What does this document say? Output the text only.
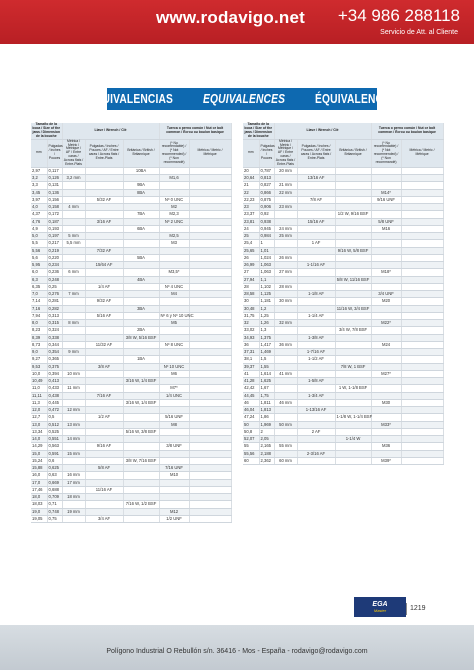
www.rodavigo.net +34 986 288118
Servicio de Att. al Cliente
EQUIVALENCIAS EQUIVALENCES ÉQUIVALENCES
Tamaño de la boca / Size of the jaws / Dimension de la bouche		Llave / Wrench / Clé			Tuerca o perno común / Nut or bolt common / Écrou ou boulon basique	
mm	Pulgadas / Inches / Pouces	Métrica / Metric / Métrique / AF / Entre caras / Across flats / Entre-Plats	Pulgadas / Inches / Pouces / AF / Entre caras / Across flats / Entre-Plats	Británica / British / Britannique	(* No recomendable) / (* Not recommended) / (* Non recommandé)	Métrica / Metric / Métrique
2,97	0,117			10BA		
3,2	0,126	3,2 mm			M1,6	
3,3	0,131			9BA		
3,45	0,136			8BA		
3,97	0,156		5/32 AF		Nº 0 UNC	
4,0	0,158	4 mm			M2	
4,37	0,172			7BA	M2,3	
4,76	0,187		3/16 AF		Nº 2 UNC	
4,9	0,193			6BA		
5,0	0,197	5 mm			M2,5	
5,5	0,217	5,5 mm			M3	
5,56	0,219		7/32 AF			
5,6	0,220			5BA		
5,95	0,234		15/64 AF			
6,0	0,236	6 mm			M3,5*	
6,3	0,248			4BA		
6,35	0,25		1/4 AF		Nº 4 UNC	
7,0	0,276	7 mm			M4	
7,14	0,281		9/32 AF			
7,16	0,282			3BA		
7,94	0,313		5/16 AF		Nº 6 y Nº 10 UNC	
8,0	0,315	8 mm			M5	
8,23	0,324			2BA		
8,39	0,338			3/8 W, 5/16 BSF		
8,73	0,344		11/32 AF		Nº 8 UNC	
9,0	0,354	9 mm				
9,27	0,365			1BA		
9,53	0,375		3/8 AF		Nº 10 UNC	
10,0	0,394	10 mm			M6	
10,49	0,413			3/16 W, 1/4 BSF		
11,0	0,433	11 mm			M7*	
11,11	0,438		7/16 AF		1/4 UNC	
11,3	0,445			3/16 W, 1/4 BSF		
12,0	0,472	12 mm				
12,7	0,5		1/2 AF		5/16 UNF	
13,0	0,512	13 mm			M8	
13,34	0,525			5/16 W, 3/8 BSF		
14,0	0,551	14 mm				
14,29	0,563		9/16 AF		3/8 UNF	
15,0	0,591	15 mm				
15,24	0,6			3/8 W, 7/16 BSF		
15,88	0,625		5/8 AF		7/16 UNF	
16,0	0,63	16 mm			M10	
17,0	0,669	17 mm				
17,46	0,688		11/16 AF			
18,0	0,709	18 mm				
18,03	0,71			7/16 W, 1/2 BSF		
19,0	0,748	19 mm			M12	
19,05	0,75		3/4 AF		1/2 UNF	
Tamaño de la boca / Size of the jaws / Dimension de la bouche		Llave / Wrench / Clé			Tuerca o perno común / Nut or bolt common / Écrou ou boulon basique	
mm	Pulgadas / Inches / Pouces	Métrica / Metric / Métrique / AF / Entre caras / Across flats / Entre-Plats	Pulgadas / Inches / Pouces / AF / Entre caras / Across flats / Entre-Plats	Británica / British / Britannique	(* No recomendable) / (* Not recommended) / (* Non recommandé)	Métrica / Metric / Métrique
20	0,787	20 mm				
20,64	0,813		13/16 AF			
21	0,827	21 mm				
22	0,866	22 mm			M14*	
22,23	0,875		7/8 AF		9/16 UNF	
23	0,906	23 mm				
23,37	0,92			1/2 W, 9/16 BSF		
23,81	0,938		15/16 AF		5/8 UNF	
24	0,945	24 mm			M16	
25	0,984	25 mm				
25,4	1		1 AF			
25,65	1,01			9/16 W, 5/8 BSF		
26	1,024	26 mm				
26,99	1,063		1-1/16 AF			
27	1,063	27 mm			M18*	
27,94	1,1			5/8 W, 11/16 BSF		
28	1,102	28 mm				
28,58	1,125		1-1/8 AF		3/4 UNF	
30	1,181	30 mm			M20	
30,48	1,2			11/16 W, 3/4 BSF		
31,75	1,25		1-1/4 AF			
32	1,26	32 mm			M22*	
33,02	1,3			3/4 W, 7/8 BSF		
34,93	1,375		1-3/8 AF			
36	1,417	36 mm			M24	
37,31	1,469		1-7/16 AF			
38,1	1,5		1-1/2 AF			
39,37	1,55			7/8 W, 1 BSF		
41	1,614	41 mm			M27*	
41,28	1,625		1-5/8 AF			
42,42	1,67			1 W, 1-1/8 BSF		
44,45	1,75		1-3/4 AF			
46	1,811	46 mm			M30	
46,04	1,813		1-13/16 AF			
47,24	1,86			1-1/8 W, 1-1/4 BSF		
50	1,969	50 mm			M33*	
50,8	2		2 AF			
52,07	2,05			1-1/4 W		
55	2,165	55 mm			M36	
55,56	2,188		2-3/16 AF			
60	2,362	60 mm			M39*	
EGA
Master	1219
Polígono Industrial O Rebullón s/n. 36416 - Mos - España - rodavigo@rodavigo.com
